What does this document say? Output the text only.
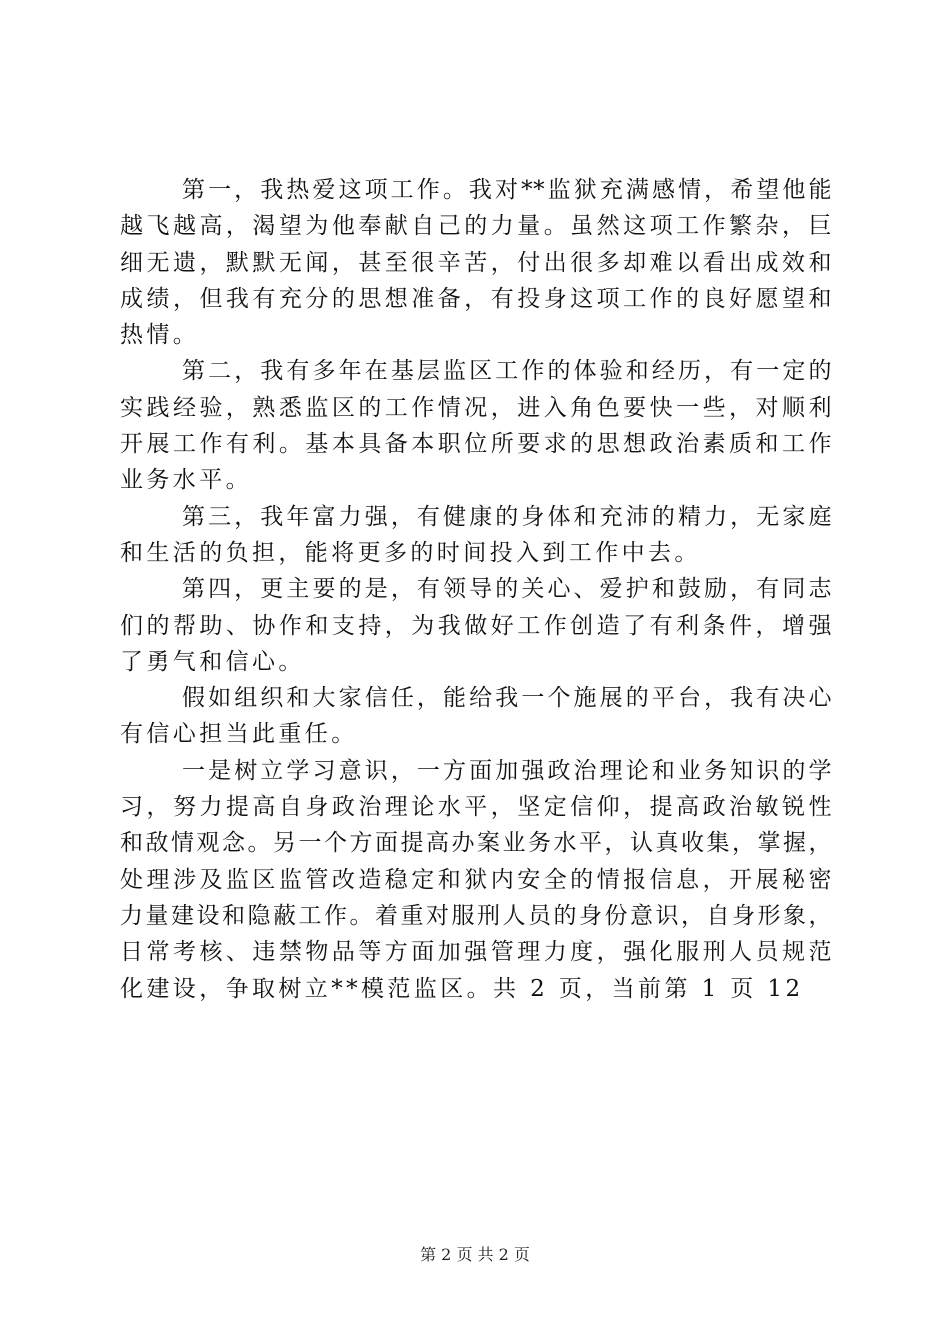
第一，我热爱这项工作。我对**监狱充满感情，希望他能
越飞越高，渴望为他奉献自己的力量。虽然这项工作繁杂，巨
细无遗，默默无闻，甚至很辛苦，付出很多却难以看出成效和
成绩，但我有充分的思想准备，有投身这项工作的良好愿望和
热情。
第二，我有多年在基层监区工作的体验和经历，有一定的
实践经验，熟悉监区的工作情况，进入角色要快一些，对顺利
开展工作有利。基本具备本职位所要求的思想政治素质和工作
业务水平。
第三，我年富力强，有健康的身体和充沛的精力，无家庭
和生活的负担，能将更多的时间投入到工作中去。
第四，更主要的是，有领导的关心、爱护和鼓励，有同志
们的帮助、协作和支持，为我做好工作创造了有利条件，增强
了勇气和信心。
假如组织和大家信任，能给我一个施展的平台，我有决心
有信心担当此重任。
一是树立学习意识，一方面加强政治理论和业务知识的学
习，努力提高自身政治理论水平，坚定信仰，提高政治敏锐性
和敌情观念。另一个方面提高办案业务水平，认真收集，掌握，
处理涉及监区监管改造稳定和狱内安全的情报信息，开展秘密
力量建设和隐蔽工作。着重对服刑人员的身份意识，自身形象，
日常考核、违禁物品等方面加强管理力度，强化服刑人员规范
化建设，争取树立**模范监区。共 2 页，当前第 1 页 12
第 2 页 共 2 页
